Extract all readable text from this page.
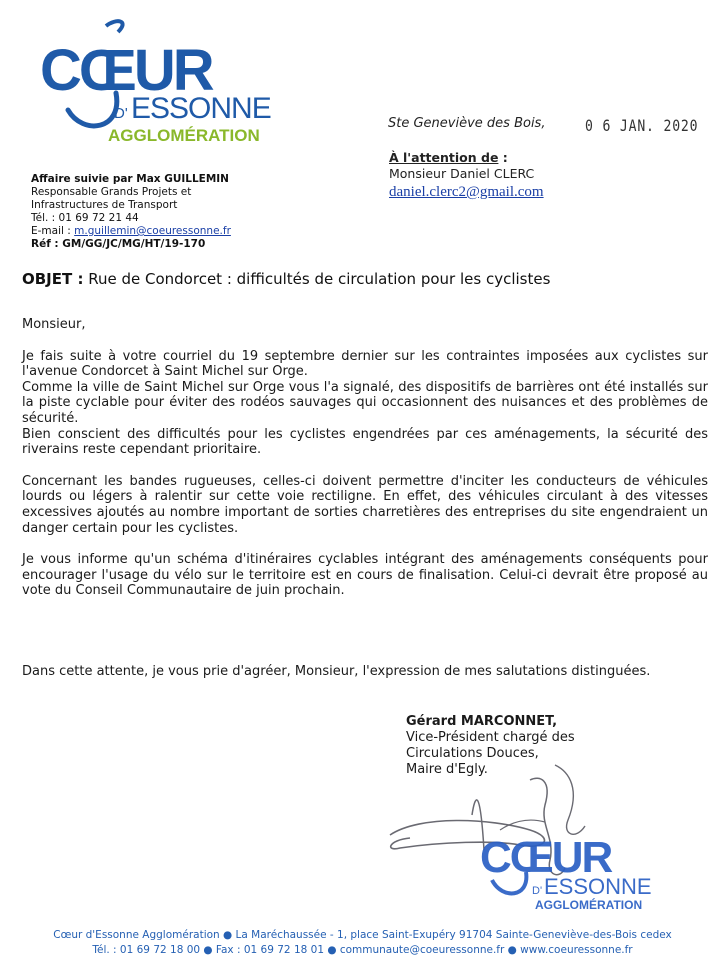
CŒUR
D' ESSONNE
AGGLOMÉRATION
Affaire suivie par Max GUILLEMIN
Responsable Grands Projets et
Infrastructures de Transport
Tél. : 01 69 72 21 44
E-mail : m.guillemin@coeuressonne.fr
Réf : GM/GG/JC/MG/HT/19-170
Ste Geneviève des Bois, 0 6 JAN. 2020
À l'attention de :
Monsieur Daniel CLERC
daniel.clerc2@gmail.com
OBJET : Rue de Condorcet : difficultés de circulation pour les cyclistes

Monsieur,

Je fais suite à votre courriel du 19 septembre dernier sur les contraintes imposées aux cyclistes sur l'avenue Condorcet à Saint Michel sur Orge.

Comme la ville de Saint Michel sur Orge vous l'a signalé, des dispositifs de barrières ont été installés sur la piste cyclable pour éviter des rodéos sauvages qui occasionnent des nuisances et des problèmes de sécurité.

Bien conscient des difficultés pour les cyclistes engendrées par ces aménagements, la sécurité des riverains reste cependant prioritaire.

Concernant les bandes rugueuses, celles-ci doivent permettre d'inciter les conducteurs de véhicules lourds ou légers à ralentir sur cette voie rectiligne. En effet, des véhicules circulant à des vitesses excessives ajoutés au nombre important de sorties charretières des entreprises du site engendraient un danger certain pour les cyclistes.

Je vous informe qu'un schéma d'itinéraires cyclables intégrant des aménagements conséquents pour encourager l'usage du vélo sur le territoire est en cours de finalisation. Celui-ci devrait être proposé au vote du Conseil Communautaire de juin prochain.

Dans cette attente, je vous prie d'agréer, Monsieur, l'expression de mes salutations distinguées.
Gérard MARCONNET,
Vice-Président chargé des
Circulations Douces,
Maire d'Egly.
CŒUR
D' ESSONNE
AGGLOMÉRATION
Cœur d'Essonne Agglomération ● La Maréchaussée - 1, place Saint-Exupéry 91704 Sainte-Geneviève-des-Bois cedex
Tél. : 01 69 72 18 00 ● Fax : 01 69 72 18 01 ● communaute@coeuressonne.fr ● www.coeuressonne.fr
